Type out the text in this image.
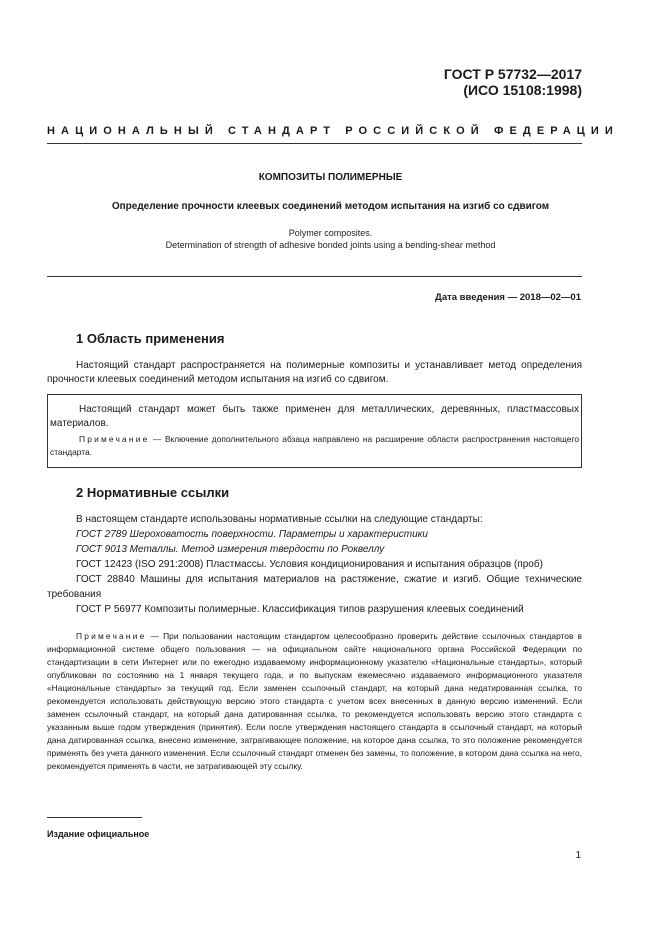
ГОСТ Р 57732—2017
(ИСО 15108:1998)
НАЦИОНАЛЬНЫЙ СТАНДАРТ РОССИЙСКОЙ ФЕДЕРАЦИИ
КОМПОЗИТЫ ПОЛИМЕРНЫЕ
Определение прочности клеевых соединений методом испытания на изгиб со сдвигом
Polymer composites.
Determination of strength of adhesive bonded joints using a bending-shear method
Дата введения — 2018—02—01
1 Область применения

Настоящий стандарт распространяется на полимерные композиты и устанавливает метод определения прочности клеевых соединений методом испытания на изгиб со сдвигом.

Настоящий стандарт может быть также применен для металлических, деревянных, пластмассовых материалов.

Примечание — Включение дополнительного абзаца направлено на расширение области распространения настоящего стандарта.

2 Нормативные ссылки
В настоящем стандарте использованы нормативные ссылки на следующие стандарты:
ГОСТ 2789 Шероховатость поверхности. Параметры и характеристики
ГОСТ 9013 Металлы. Метод измерения твердости по Роквеллу
ГОСТ 12423 (ISO 291:2008) Пластмассы. Условия кондиционирования и испытания образцов (проб)
ГОСТ 28840 Машины для испытания материалов на растяжение, сжатие и изгиб. Общие технические требования
ГОСТ Р 56977 Композиты полимерные. Классификация типов разрушения клеевых соединений

Примечание — При пользовании настоящим стандартом целесообразно проверить действие ссылочных стандартов в информационной системе общего пользования — на официальном сайте национального органа Российской Федерации по стандартизации в сети Интернет или по ежегодно издаваемому информационному указателю «Национальные стандарты», который опубликован по состоянию на 1 января текущего года, и по выпускам ежемесячно издаваемого информационного указателя «Национальные стандарты» за текущий год. Если заменен ссылочный стандарт, на который дана недатированная ссылка, то рекомендуется использовать действующую версию этого стандарта с учетом всех внесенных в данную версию изменений. Если заменен ссылочный стандарт, на который дана датированная ссылка, то рекомендуется использовать версию этого стандарта с указанным выше годом утверждения (принятия). Если после утверждения настоящего стандарта в ссылочный стандарт, на который дана датированная ссылка, внесено изменение, затрагивающее положение, на которое дана ссылка, то это положение рекомендуется применять без учета данного изменения. Если ссылочный стандарт отменен без замены, то положение, в котором дана ссылка на него, рекомендуется применять в части, не затрагивающей эту ссылку.

Издание официальное
1
